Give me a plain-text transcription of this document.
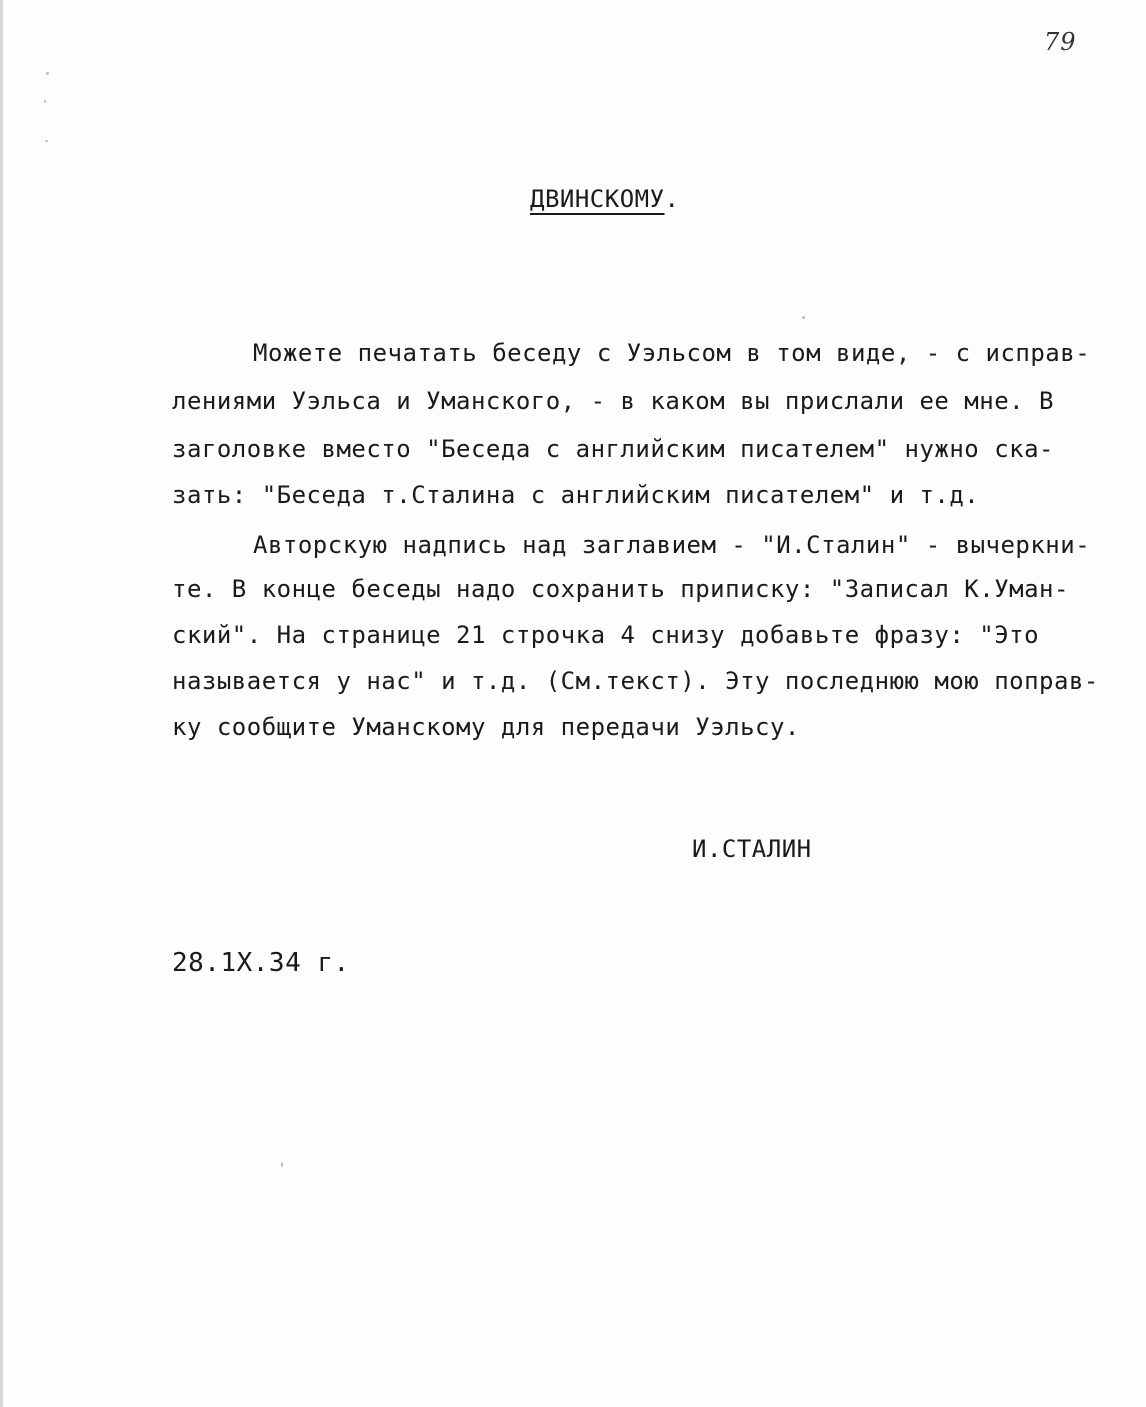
79
ДВИНСКОМУ.
Можете печатать беседу с Уэльсом в том виде, - с исправ-
лениями Уэльса и Уманского, - в каком вы прислали ее мне. В
заголовке вместо "Беседа с английским писателем" нужно ска-
зать: "Беседа т.Сталина с английским писателем" и т.д.
Авторскую надпись над заглавием - "И.Сталин" - вычеркни-
те. В конце беседы надо сохранить приписку: "Записал К.Уман-
ский". На странице 21 строчка 4 снизу добавьте фразу: "Это
называется у нас" и т.д. (См.текст). Эту последнюю мою поправ-
ку сообщите Уманскому для передачи Уэльсу.
И.СТАЛИН
28.1Х.34 г.
